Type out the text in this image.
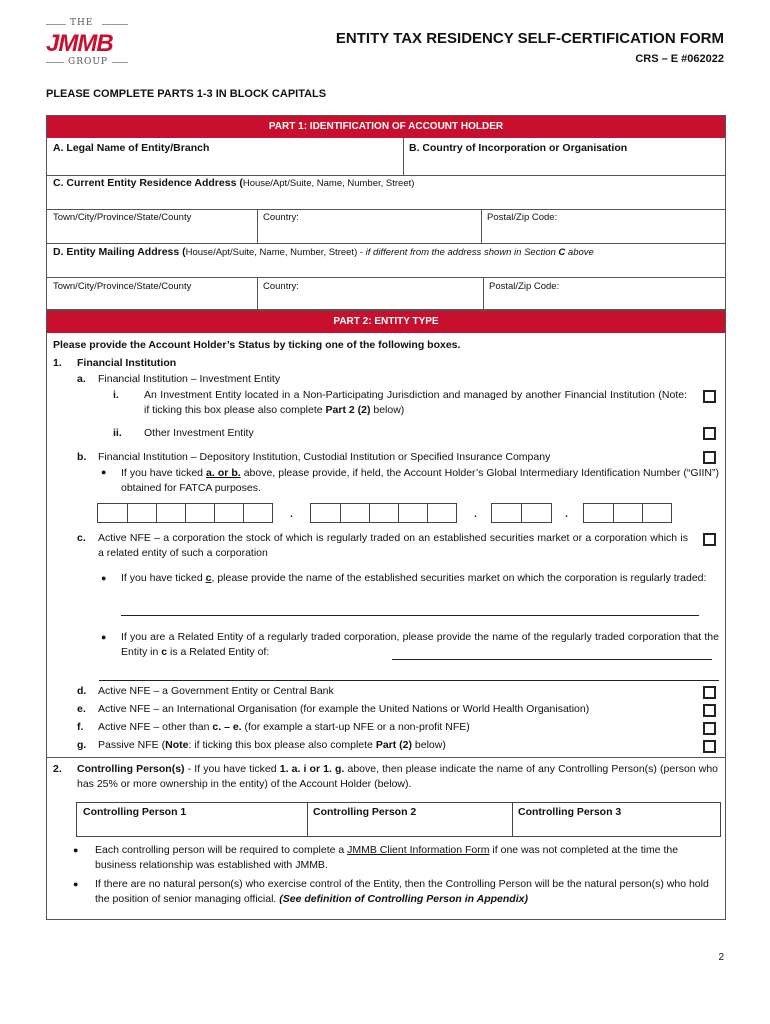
THE
JMMB
GROUP
ENTITY TAX RESIDENCY SELF-CERTIFICATION FORM
CRS – E #062022
PLEASE COMPLETE PARTS 1-3 IN BLOCK CAPITALS
PART 1: IDENTIFICATION OF ACCOUNT HOLDER
A. Legal Name of Entity/Branch	B. Country of Incorporation or Organisation
C. Current Entity Residence Address (House/Apt/Suite, Name, Number, Street)
Town/City/Province/State/County	Country:	Postal/Zip Code:
D. Entity Mailing Address (House/Apt/Suite, Name, Number, Street) - if different from the address shown in Section C above
Town/City/Province/State/County	Country:	Postal/Zip Code:
PART 2: ENTITY TYPE
Please provide the Account Holder’s Status by ticking one of the following boxes.
1. Financial Institution
a. Financial Institution – Investment Entity
i. An Investment Entity located in a Non-Participating Jurisdiction and managed by another Financial Institution (Note: if ticking this box please also complete Part 2 (2) below)
ii. Other Investment Entity
b. Financial Institution – Depository Institution, Custodial Institution or Specified Insurance Company
● If you have ticked a. or b. above, please provide, if held, the Account Holder’s Global Intermediary Identification Number (“GIIN”) obtained for FATCA purposes.
.	.	.
c. Active NFE – a corporation the stock of which is regularly traded on an established securities market or a corporation which is a related entity of such a corporation
● If you have ticked c, please provide the name of the established securities market on which the corporation is regularly traded:
● If you are a Related Entity of a regularly traded corporation, please provide the name of the regularly traded corporation that the Entity in c is a Related Entity of:
d. Active NFE – a Government Entity or Central Bank
e. Active NFE – an International Organisation (for example the United Nations or World Health Organisation)
f. Active NFE – other than c. – e. (for example a start-up NFE or a non-profit NFE)
g. Passive NFE (Note: if ticking this box please also complete Part (2) below)
2. Controlling Person(s) - If you have ticked 1. a. i or 1. g. above, then please indicate the name of any Controlling Person(s) (person who has 25% or more ownership in the entity) of the Account Holder (below).
Controlling Person 1	Controlling Person 2	Controlling Person 3
● Each controlling person will be required to complete a JMMB Client Information Form if one was not completed at the time the business relationship was established with JMMB.
● If there are no natural person(s) who exercise control of the Entity, then the Controlling Person will be the natural person(s) who hold the position of senior managing official. (See definition of Controlling Person in Appendix)
2
